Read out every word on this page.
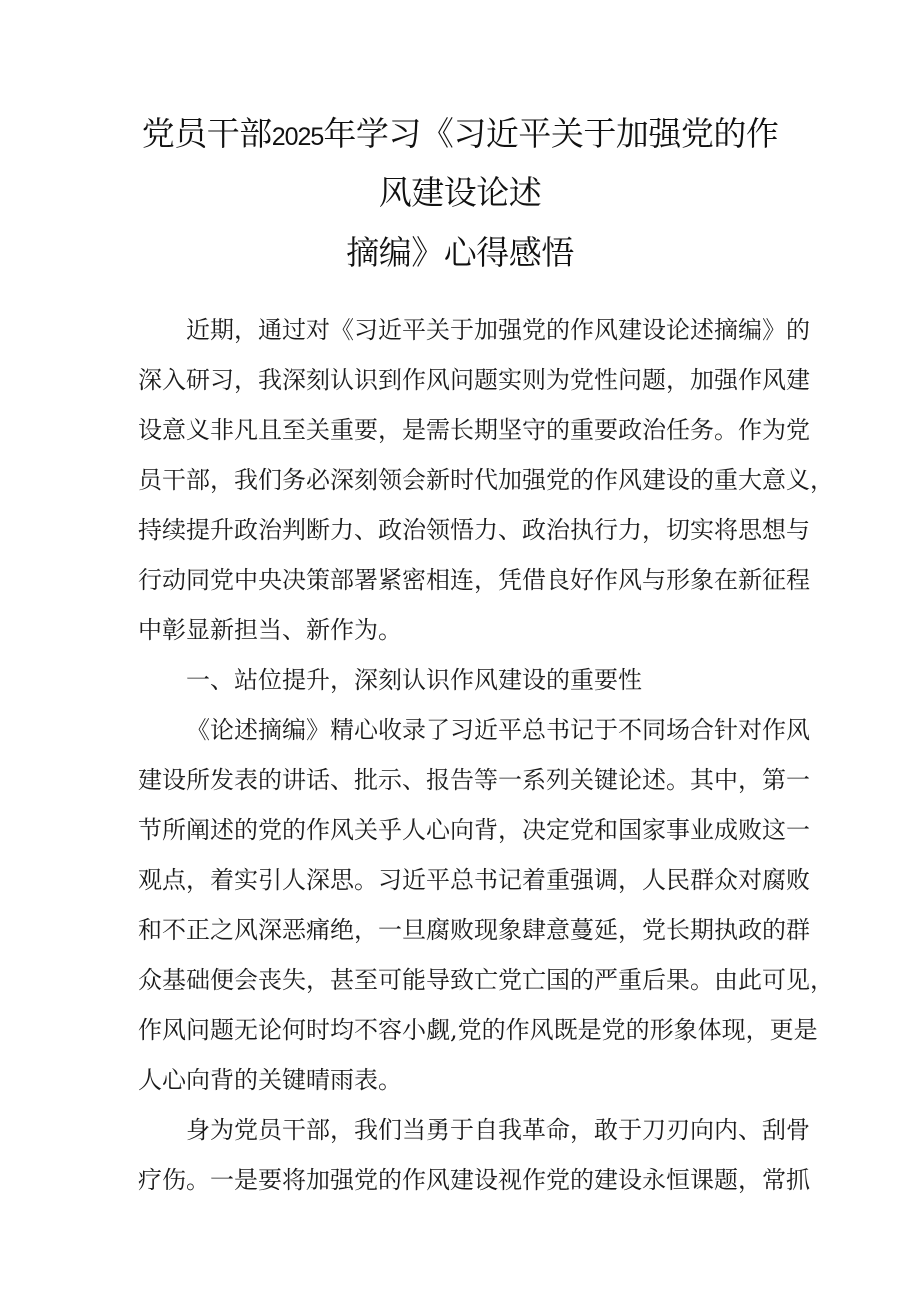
党员干部2025年学习《习近平关于加强党的作
风建设论述
摘编》心得感悟
近期，通过对《习近平关于加强党的作风建设论述摘编》的
深入研习，我深刻认识到作风问题实则为党性问题，加强作风建
设意义非凡且至关重要，是需长期坚守的重要政治任务。作为党
员干部，我们务必深刻领会新时代加强党的作风建设的重大意义，
持续提升政治判断力、政治领悟力、政治执行力，切实将思想与
行动同党中央决策部署紧密相连，凭借良好作风与形象在新征程
中彰显新担当、新作为。
一、站位提升，深刻认识作风建设的重要性
《论述摘编》精心收录了习近平总书记于不同场合针对作风
建设所发表的讲话、批示、报告等一系列关键论述。其中，第一
节所阐述的党的作风关乎人心向背，决定党和国家事业成败这一
观点，着实引人深思。习近平总书记着重强调，人民群众对腐败
和不正之风深恶痛绝，一旦腐败现象肆意蔓延，党长期执政的群
众基础便会丧失，甚至可能导致亡党亡国的严重后果。由此可见，
作风问题无论何时均不容小觑,党的作风既是党的形象体现，更是
人心向背的关键晴雨表。
身为党员干部，我们当勇于自我革命，敢于刀刃向内、刮骨
疗伤。一是要将加强党的作风建设视作党的建设永恒课题，常抓
